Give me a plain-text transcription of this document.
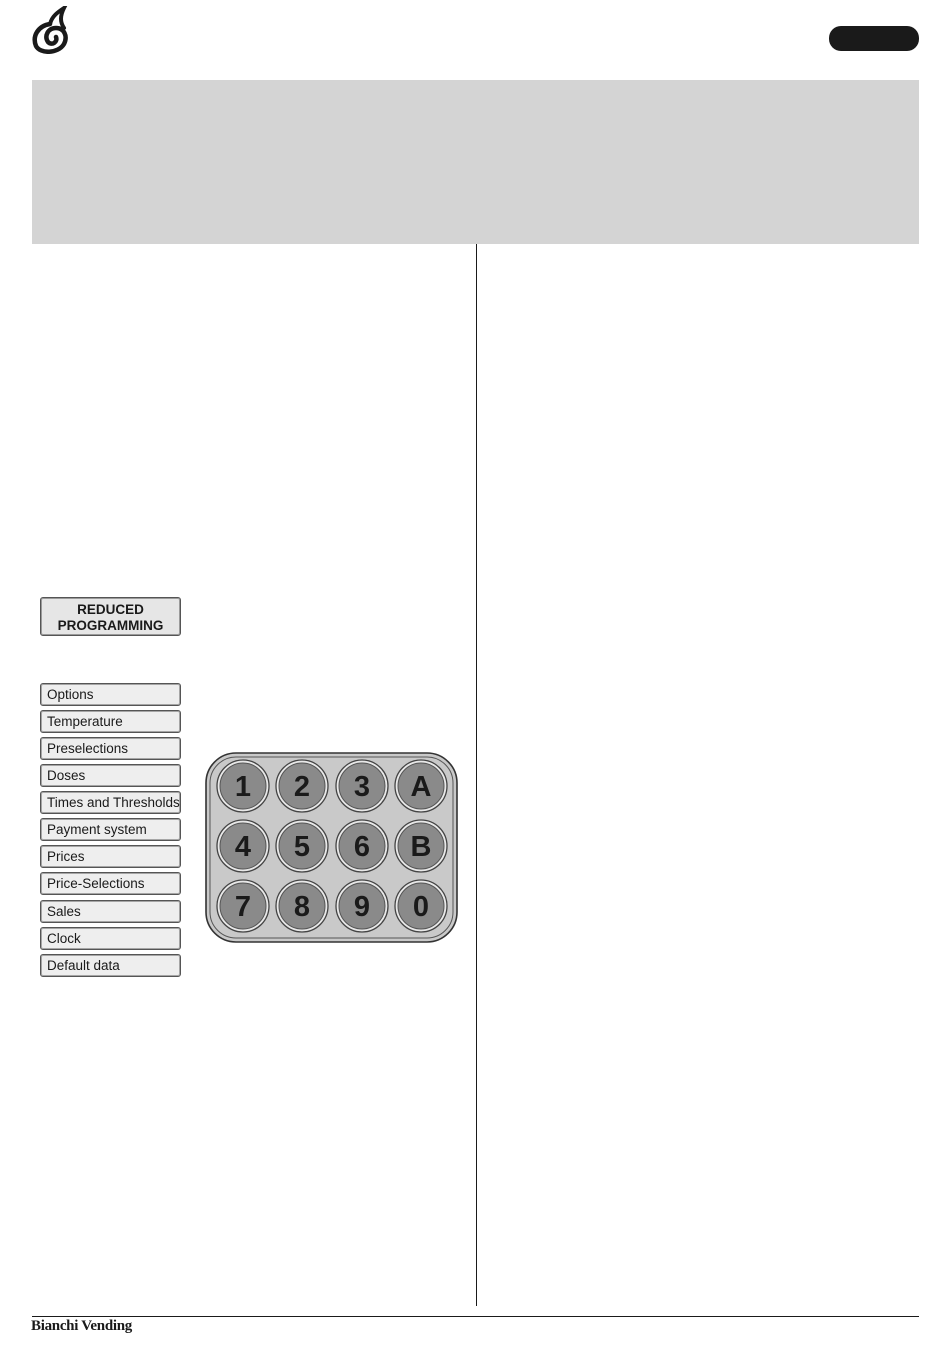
REDUCED
PROGRAMMING
Options
Temperature
Preselections
Doses
Times and Thresholds
Payment system
Prices
Price-Selections
Sales
Clock
Default data
1 2 3 A
4 5 6 B
7 8 9 0
Bianchi Vending
